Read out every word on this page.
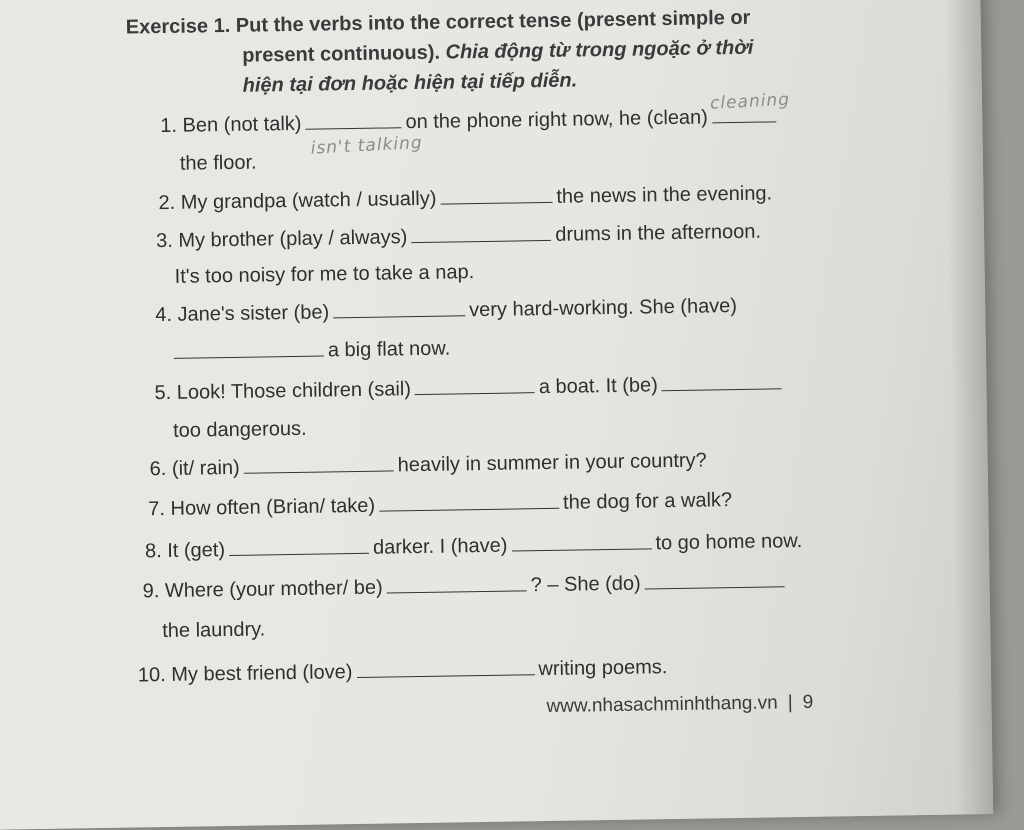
Exercise 1. Put the verbs into the correct tense (present simple or
present continuous). Chia động từ trong ngoặc ở thời
hiện tại đơn hoặc hiện tại tiếp diễn.
1. Ben (not talk)	on the phone right now, he (clean)
cleaning
the floor.
isn't talking
2. My grandpa (watch / usually)	the news in the evening.
3. My brother (play / always)	drums in the afternoon.
It's too noisy for me to take a nap.
4. Jane's sister (be)	very hard-working. She (have)
a big flat now.
5. Look! Those children (sail)	a boat. It (be)
too dangerous.
6. (it/ rain)	heavily in summer in your country?
7. How often (Brian/ take)	the dog for a walk?
8. It (get)	darker. I (have)	to go home now.
9. Where (your mother/ be)	? – She (do)
the laundry.
10. My best friend (love)	writing poems.
www.nhasachminhthang.vn | 9
